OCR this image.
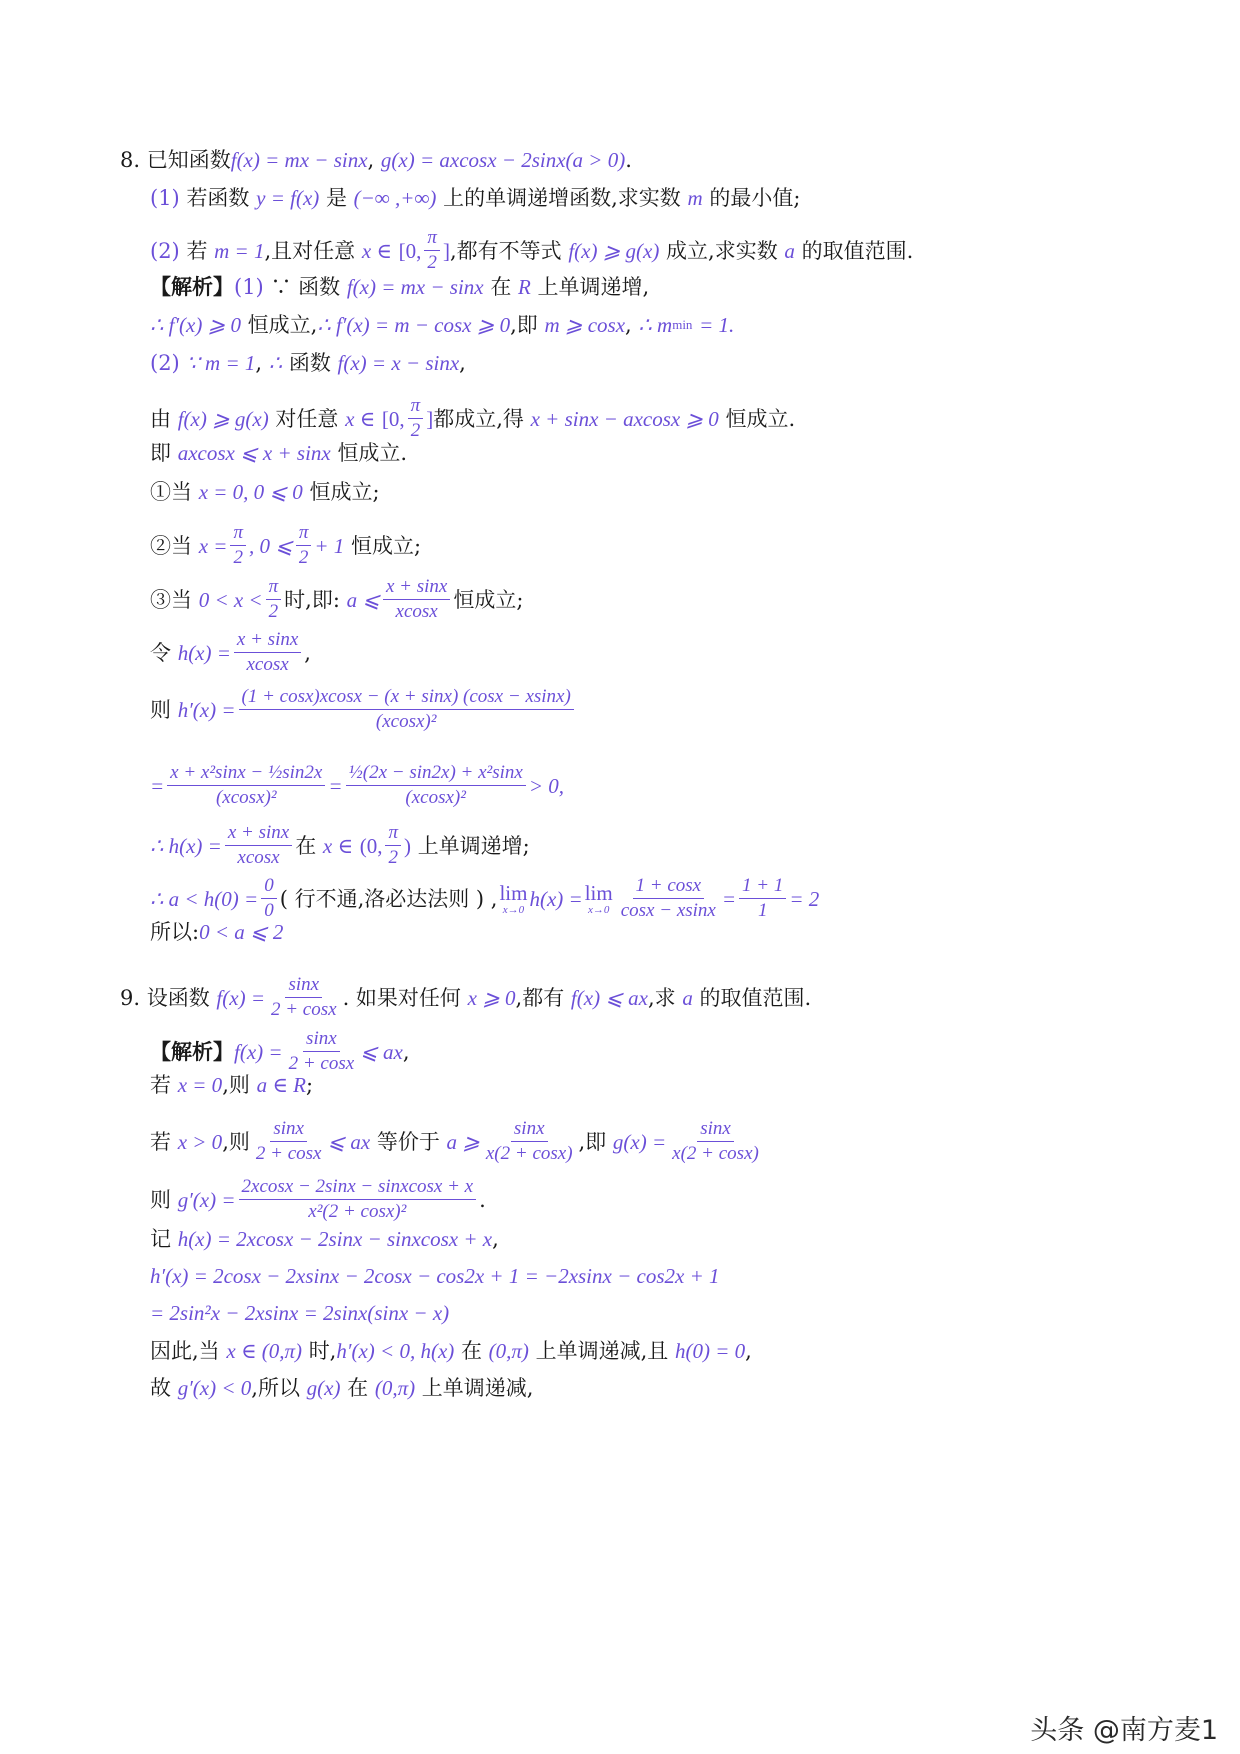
8.
已知函数 f(x) = mx − sinx ,
g(x) = axcosx − 2sinx(a > 0) .
(1)
若函数
y = f(x)
是
(−∞ ,+∞)
上的单调递增函数,求实数
m
的最小值;
(2)
若
m = 1 ,且对任意
x ∈
[0, $\frac{\pi}{2}$ ] ,都有不等式
f(x) ⩾ g(x)
成立,求实数
a
的取值范围.
【解析】 (1)
∵ 函数
f(x) = mx − sinx
在
R
上单调递增,
∴ f′(x) ⩾ 0
恒成立, ∴ f′(x) = m − cosx ⩾ 0 ,即
m ⩾ cosx ,
∴ m min
= 1.
(2)
∵ m = 1 ,
∴
函数
f(x) = x − sinx ,
由
f(x) ⩾ g(x)
对任意
x ∈
[0, $\frac{\pi}{2}$ ] 都成立,得
x + sinx − axcosx ⩾ 0
恒成立.
即
axcosx ⩽ x + sinx
恒成立.
①当
x = 0, 0 ⩽ 0
恒成立;
②当
$x = \frac{\pi}{2}$ , 0 ⩽ $\frac{\pi}{2} + 1$
恒成立;
③当
$0 < x < \frac{\pi}{2}$ 时,即:
a ⩽ $\frac{x + \sin x}{xcosx}$ 恒成立;
令
$h(x) = \frac{x + \sin x}{xcosx}$ ,
则
$h'(x) = \frac{(1 + \cos x)xcosx - (x + \sin x) (\cos x - xsinx)}{\text{(xcosx)²}}$
= $\frac{\text{x + x²sinx − ½sin2x}}{\text{(xcosx)²}} = \frac{\text{½(2x − sin2x) + x²sinx}}{\text{(xcosx)²}} > 0$,
∴ $h(x) = \frac{x + \sin x}{xcosx}$ 在
x ∈
(0, $\frac{\pi}{2}$ )
上单调递增;
∴ $a < h(0) = \frac{0}{0}$ ( 行不通,洛必达法则 ) , lim
x→0 h(x) = lim
$x\to 0 \frac{1 + \cos x}{\cos x - xsinx} = \frac{1 + 1}{1} = 2$
所以: 0 < a ⩽ 2
9.
设函数
$f(x) = \frac{\sin x}{2 + \cos x}$ . 如果对任何
x ⩾ 0 ,都有
f(x) ⩽ ax ,求
a
的取值范围.
【解析】 $f(x) = \frac{\sin x}{2 + \cos x}$ ⩽ ax ,
若
x = 0 ,则
a ∈ R ;
若
x > 0 ,则 $\frac{\sin x}{2 + \cos x}$ ⩽ ax
等价于
a ⩾ $\frac{\sin x}{x(2 + \cos x)}$ ,即
$g(x) = \frac{\sin x}{x(2 + \cos x)}$
则
$g'(x) = \frac{\text{2xcosx − 2sinx − sinxcosx + x}}{\text{x²(2 + cosx)²}}$ .
记
h(x) = 2xcosx − 2sinx − sinxcosx + x ,
h′(x) = 2cosx − 2xsinx − 2cosx − cos2x + 1 = −2xsinx − cos2x + 1
= 2sin²x − 2xsinx = 2sinx(sinx − x)
因此,当
x ∈ (0,π)
时, h′(x) < 0, h(x)
在
(0,π)
上单调递减,且
h(0) = 0 ,
故
g′(x) < 0 ,所以
g(x)
在
(0,π)
上单调递减,
头条 @南方麦1
